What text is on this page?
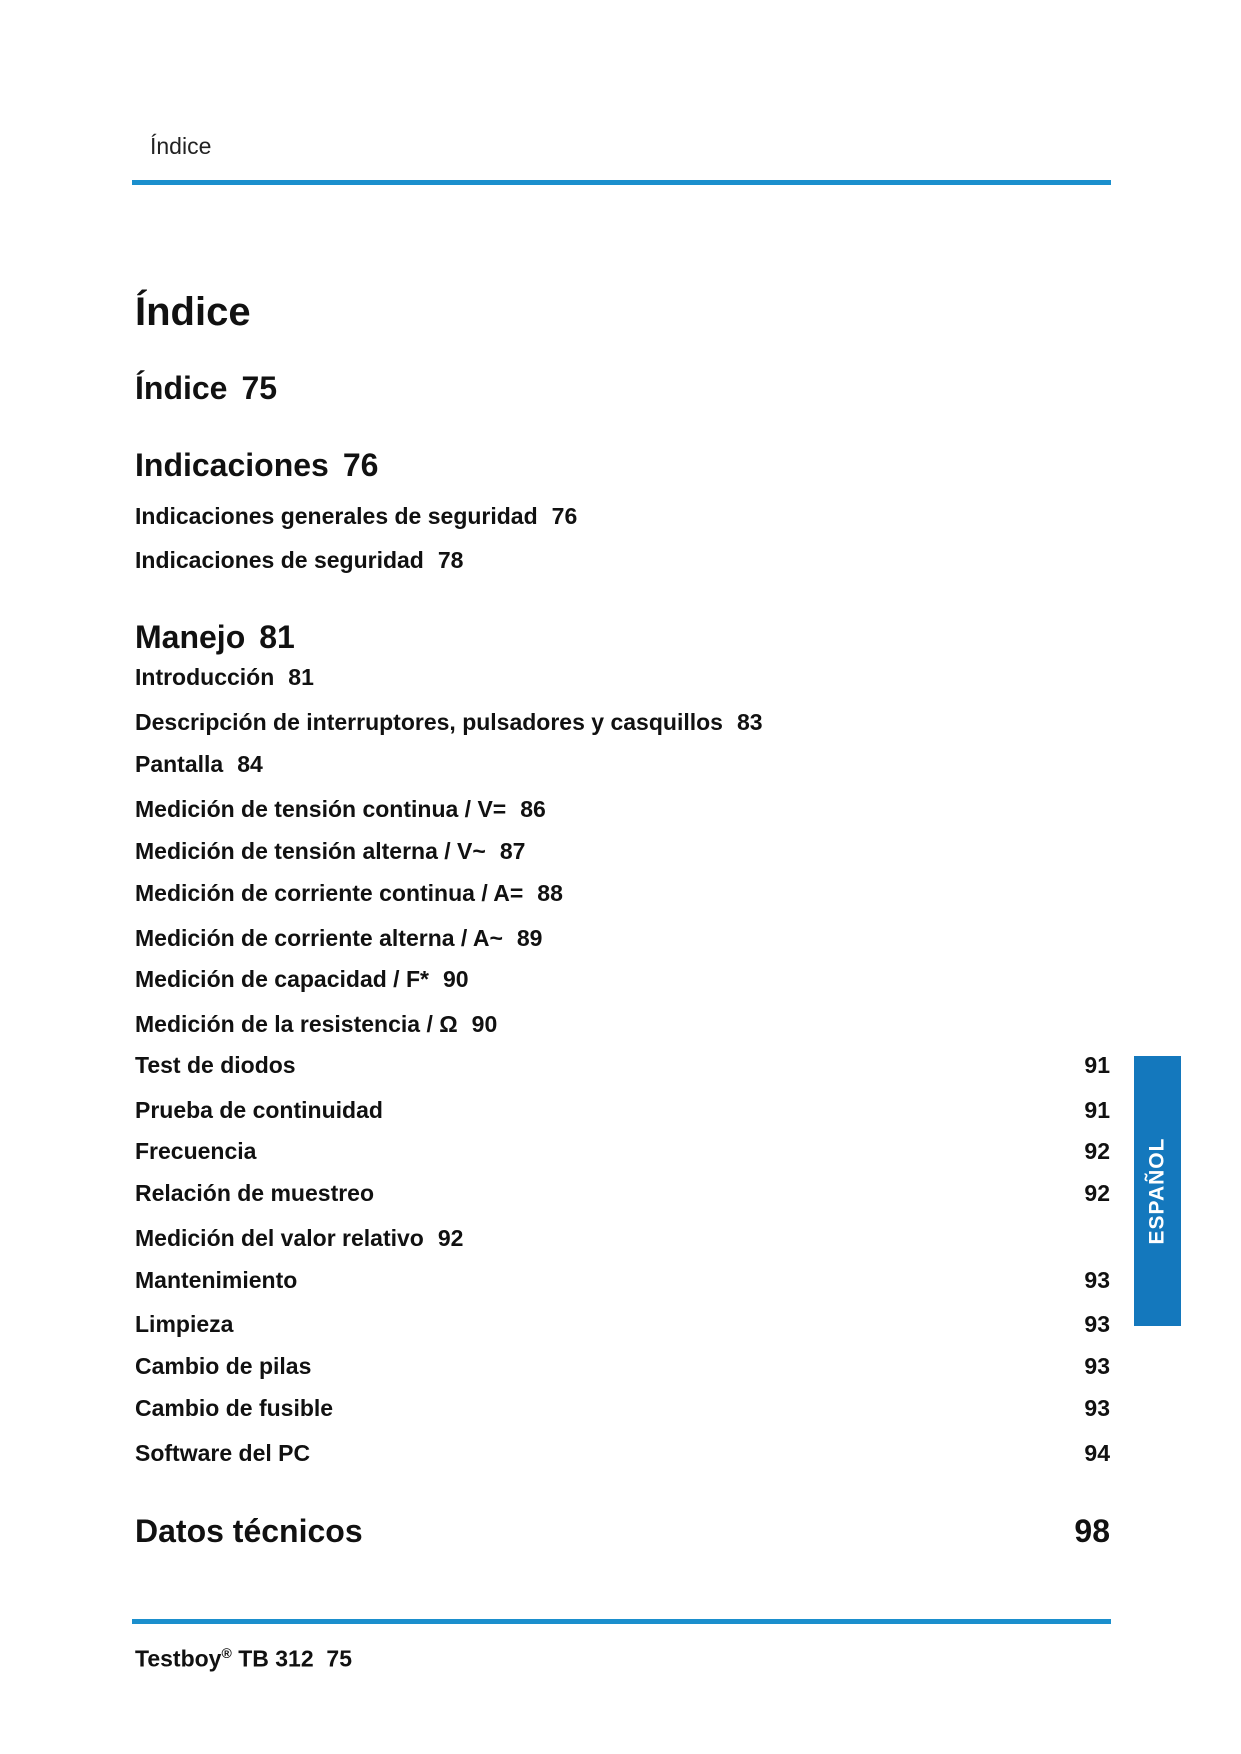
Índice
Índice
Índice 75
Indicaciones 76
Indicaciones generales de seguridad 76
Indicaciones de seguridad 78
Manejo 81
Introducción 81
Descripción de interruptores, pulsadores y casquillos 83
Pantalla 84
Medición de tensión continua / V= 86
Medición de tensión alterna / V~ 87
Medición de corriente continua / A= 88
Medición de corriente alterna / A~ 89
Medición de capacidad / F* 90
Medición de la resistencia / Ω 90
Test de diodos	91
Prueba de continuidad	91
Frecuencia	92
Relación de muestreo	92
Medición del valor relativo 92
Mantenimiento	93
Limpieza	93
Cambio de pilas	93
Cambio de fusible	93
Software del PC	94
Datos técnicos	98
ESPAÑOL
Testboy® TB 312 75
